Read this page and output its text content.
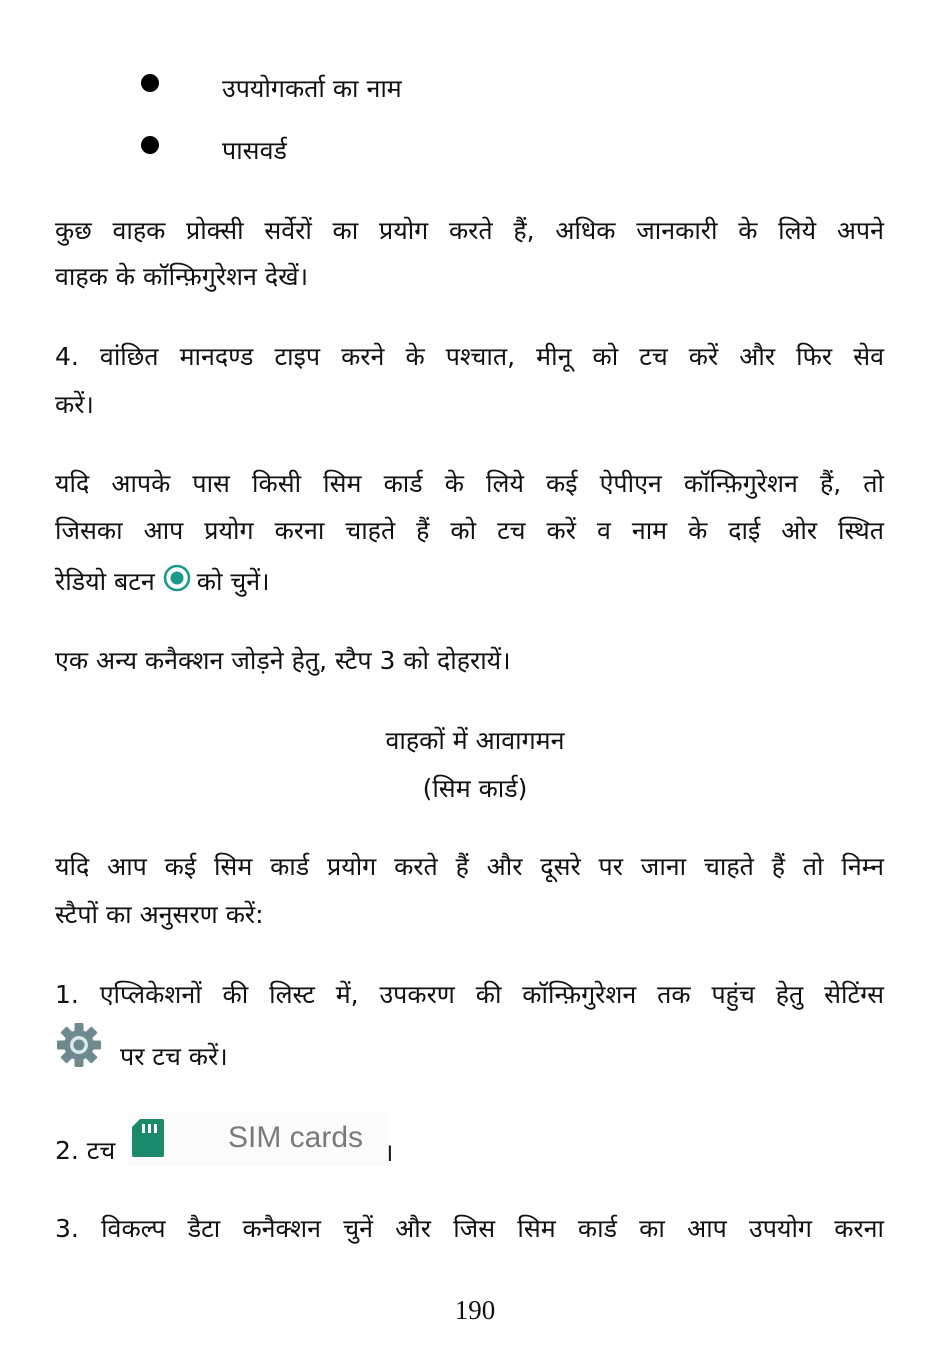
उपयोगकर्ता का नाम
पासवर्ड
कुछ वाहक प्रोक्सी सर्वेरों का प्रयोग करते हैं, अधिक जानकारी के लिये अपने
वाहक के कॉन्फ़िगुरेशन देखें।
4. वांछित मानदण्ड टाइप करने के पश्चात, मीनू को टच करें और फिर सेव
करें।
यदि आपके पास किसी सिम कार्ड के लिये कई ऐपीएन कॉन्फ़िगुरेशन हैं, तो
जिसका आप प्रयोग करना चाहते हैं को टच करें व नाम के दाई ओर स्थित
रेडियो बटन को चुनें।
एक अन्य कनैक्शन जोड़ने हेतु, स्टैप 3 को दोहरायें।
वाहकों में आवागमन
(सिम कार्ड)
यदि आप कई सिम कार्ड प्रयोग करते हैं और दूसरे पर जाना चाहते हैं तो निम्न
स्टैपों का अनुसरण करें:
1. एप्लिकेशनों की लिस्ट में, उपकरण की कॉन्फ़िगुरेशन तक पहुंच हेतु सेटिंग्स
पर टच करें।
2. टच	SIM cards ।
3. विकल्प डैटा कनैक्शन चुनें और जिस सिम कार्ड का आप उपयोग करना
190
